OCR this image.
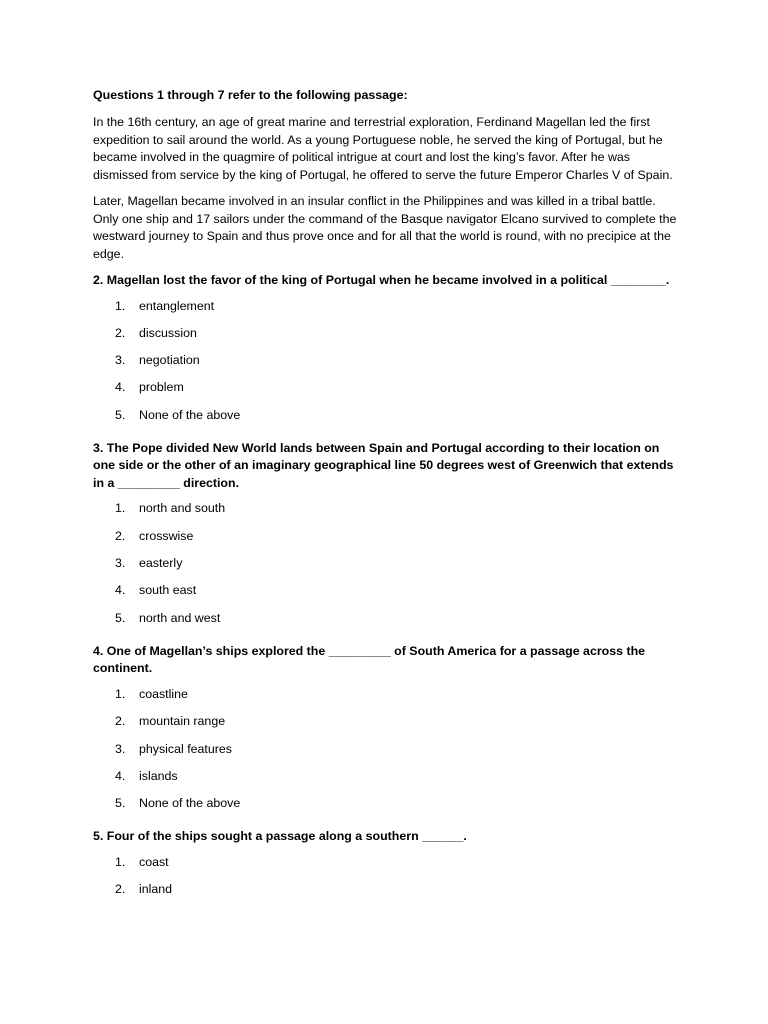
Questions 1 through 7 refer to the following passage:

In the 16th century, an age of great marine and terrestrial exploration, Ferdinand Magellan led the first expedition to sail around the world. As a young Portuguese noble, he served the king of Portugal, but he became involved in the quagmire of political intrigue at court and lost the king’s favor. After he was dismissed from service by the king of Portugal, he offered to serve the future Emperor Charles V of Spain.

Later, Magellan became involved in an insular conflict in the Philippines and was killed in a tribal battle. Only one ship and 17 sailors under the command of the Basque navigator Elcano survived to complete the westward journey to Spain and thus prove once and for all that the world is round, with no precipice at the edge.

2. Magellan lost the favor of the king of Portugal when he became involved in a political ________.
1.	entanglement
2.	discussion
3.	negotiation
4.	problem
5.	None of the above
3. The Pope divided New World lands between Spain and Portugal according to their location on one side or the other of an imaginary geographical line 50 degrees west of Greenwich that extends in a _________ direction.
1.	north and south
2.	crosswise
3.	easterly
4.	south east
5.	north and west
4. One of Magellan’s ships explored the _________ of South America for a passage across the continent.
1.	coastline
2.	mountain range
3.	physical features
4.	islands
5.	None of the above
5. Four of the ships sought a passage along a southern ______.
1.	coast
2.	inland
